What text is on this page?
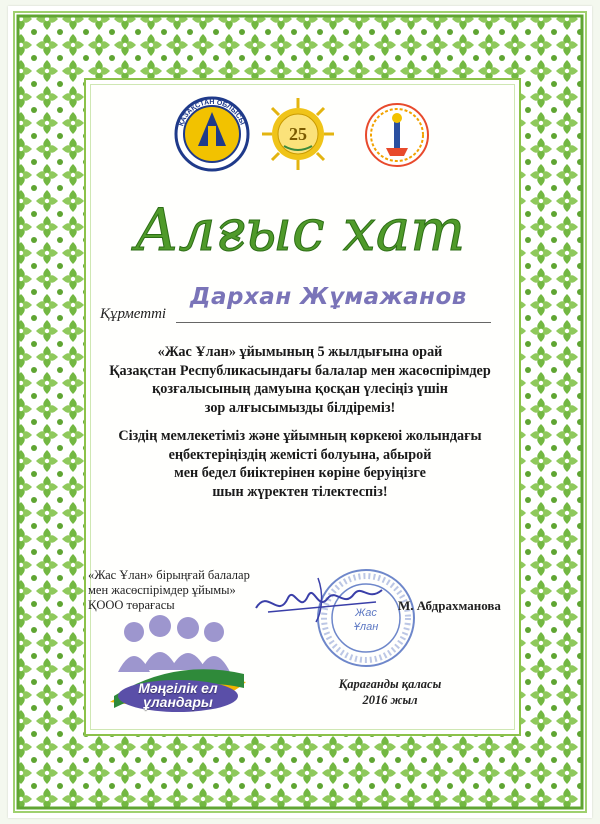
ҚАЗАҚСТАН ОБЛЫСЫ
25
Алғыс хат
Құрметті
Дархан Жұмажанов
«Жас Ұлан» ұйымының 5 жылдығына орай
Қазақстан Республикасындағы балалар мен жасөспірімдер
қозғалысының дамуына қосқан үлесіңіз үшін
зор алғысымызды білдіреміз!
Сіздің мемлекетіміз және ұйымның көркеюі жолындағы
еңбектеріңіздің жемісті болуына, абырой
мен бедел биіктерінен көріне беруіңізге
шын жүректен тілектеспіз!
«Жас Ұлан» бірыңғай балалар
мен жасөспірімдер ұйымы»
ҚООО төрағасы
Жас
Ұлан
М. Абдрахманова
Мәңгілік ел
ұландары
Қарағанды қаласы
2016 жыл
